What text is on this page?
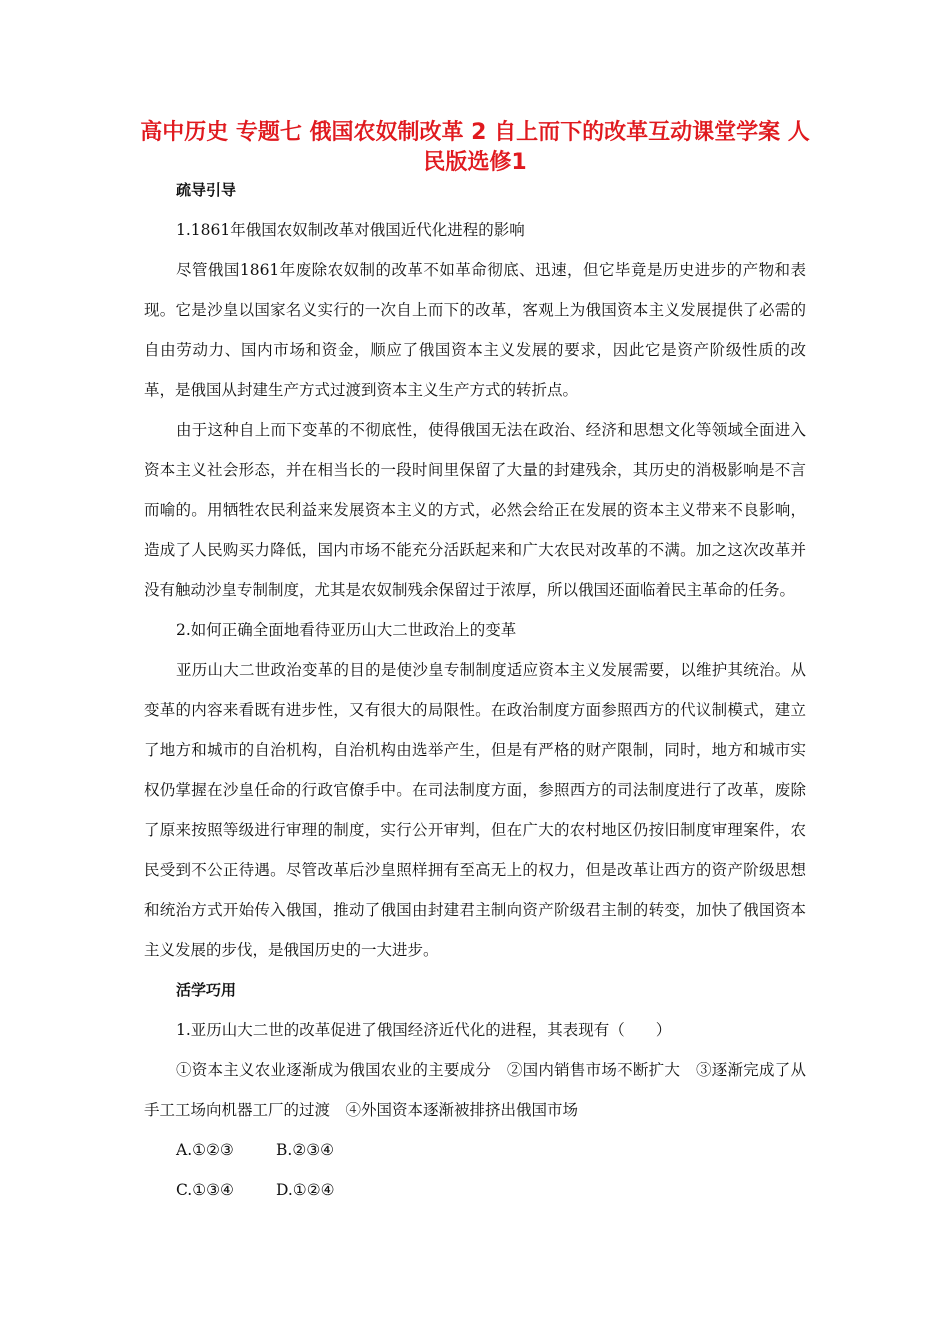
高中历史 专题七 俄国农奴制改革 2 自上而下的改革互动课堂学案 人民版选修1

疏导引导

1.1861年俄国农奴制改革对俄国近代化进程的影响

尽管俄国1861年废除农奴制的改革不如革命彻底、迅速，但它毕竟是历史进步的产物和表现。它是沙皇以国家名义实行的一次自上而下的改革，客观上为俄国资本主义发展提供了必需的自由劳动力、国内市场和资金，顺应了俄国资本主义发展的要求，因此它是资产阶级性质的改革，是俄国从封建生产方式过渡到资本主义生产方式的转折点。

由于这种自上而下变革的不彻底性，使得俄国无法在政治、经济和思想文化等领域全面进入资本主义社会形态，并在相当长的一段时间里保留了大量的封建残余，其历史的消极影响是不言而喻的。用牺牲农民利益来发展资本主义的方式，必然会给正在发展的资本主义带来不良影响，造成了人民购买力降低，国内市场不能充分活跃起来和广大农民对改革的不满。加之这次改革并没有触动沙皇专制制度，尤其是农奴制残余保留过于浓厚，所以俄国还面临着民主革命的任务。

2.如何正确全面地看待亚历山大二世政治上的变革

亚历山大二世政治变革的目的是使沙皇专制制度适应资本主义发展需要，以维护其统治。从变革的内容来看既有进步性，又有很大的局限性。在政治制度方面参照西方的代议制模式，建立了地方和城市的自治机构，自治机构由选举产生，但是有严格的财产限制，同时，地方和城市实权仍掌握在沙皇任命的行政官僚手中。在司法制度方面，参照西方的司法制度进行了改革，废除了原来按照等级进行审理的制度，实行公开审判，但在广大的农村地区仍按旧制度审理案件，农民受到不公正待遇。尽管改革后沙皇照样拥有至高无上的权力，但是改革让西方的资产阶级思想和统治方式开始传入俄国，推动了俄国由封建君主制向资产阶级君主制的转变，加快了俄国资本主义发展的步伐，是俄国历史的一大进步。

活学巧用

1.亚历山大二世的改革促进了俄国经济近代化的进程，其表现有（　　）

①资本主义农业逐渐成为俄国农业的主要成分　②国内销售市场不断扩大　③逐渐完成了从手工工场向机器工厂的过渡　④外国资本逐渐被排挤出俄国市场

A.①②③	B.②③④
C.①③④	D.①②④
